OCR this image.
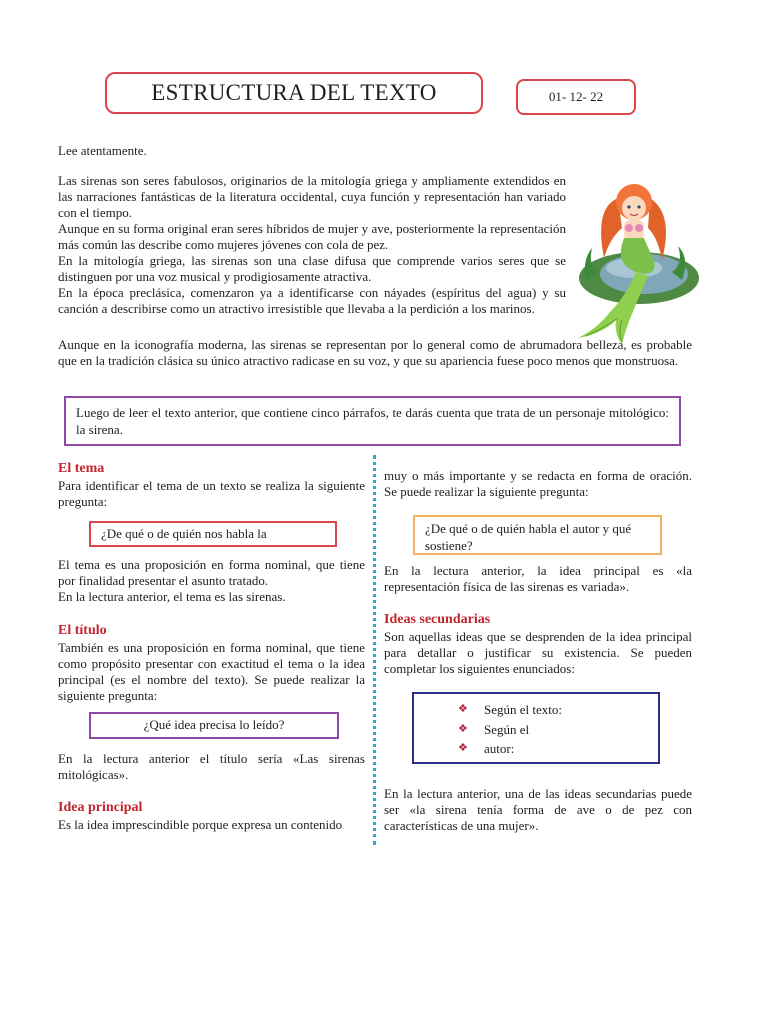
ESTRUCTURA DEL TEXTO	01- 12- 22
Lee atentamente.

Las sirenas son seres fabulosos, originarios de la mitología griega y ampliamente extendidos en las narraciones fantásticas de la literatura occidental, cuya función y representación han variado con el tiempo.

Aunque en su forma original eran seres híbridos de mujer y ave, posteriormente la representación más común las describe como mujeres jóvenes con cola de pez.

En la mitología griega, las sirenas son una clase difusa que comprende varios seres que se distinguen por una voz musical y prodigiosamente atractiva.

En la época preclásica, comenzaron ya a identificarse con náyades (espíritus del agua) y su canción a describirse como un atractivo irresistible que llevaba a la perdición a los marinos.

Aunque en la iconografía moderna, las sirenas se representan por lo general como de abrumadora belleza, es probable que en la tradición clásica su único atractivo radicase en su voz, y que su apariencia fuese poco menos que monstruosa.

Luego de leer el texto anterior, que contiene cinco párrafos, te darás cuenta que trata de un personaje mitológico: la sirena.
El tema

Para identificar el tema de un texto se realiza la siguiente pregunta:

¿De qué o de quién nos habla la

El tema es una proposición en forma nominal, que tiene por finalidad presentar el asunto tratado.

En la lectura anterior, el tema es las sirenas.

El título

También es una proposición en forma nominal, que tiene como propósito presentar con exactitud el tema o la idea principal (es el nombre del texto). Se puede realizar la siguiente pregunta:

¿Qué idea precisa lo leído?

En la lectura anterior el título sería «Las sirenas mitológicas».

Idea principal

Es la idea imprescindible porque expresa un contenido

muy o más importante y se redacta en forma de oración. Se puede realizar la siguiente pregunta:

¿De qué o de quién habla el autor y qué sostiene?

En la lectura anterior, la idea principal es «la representación física de las sirenas es variada».

Ideas secundarias

Son aquellas ideas que se desprenden de la idea principal para detallar o justificar su existencia. Se pueden completar los siguientes enunciados:

❖	Según el texto:
❖	Según el
❖	autor:

En la lectura anterior, una de las ideas secundarias puede ser «la sirena tenía forma de ave o de pez con características de una mujer».
